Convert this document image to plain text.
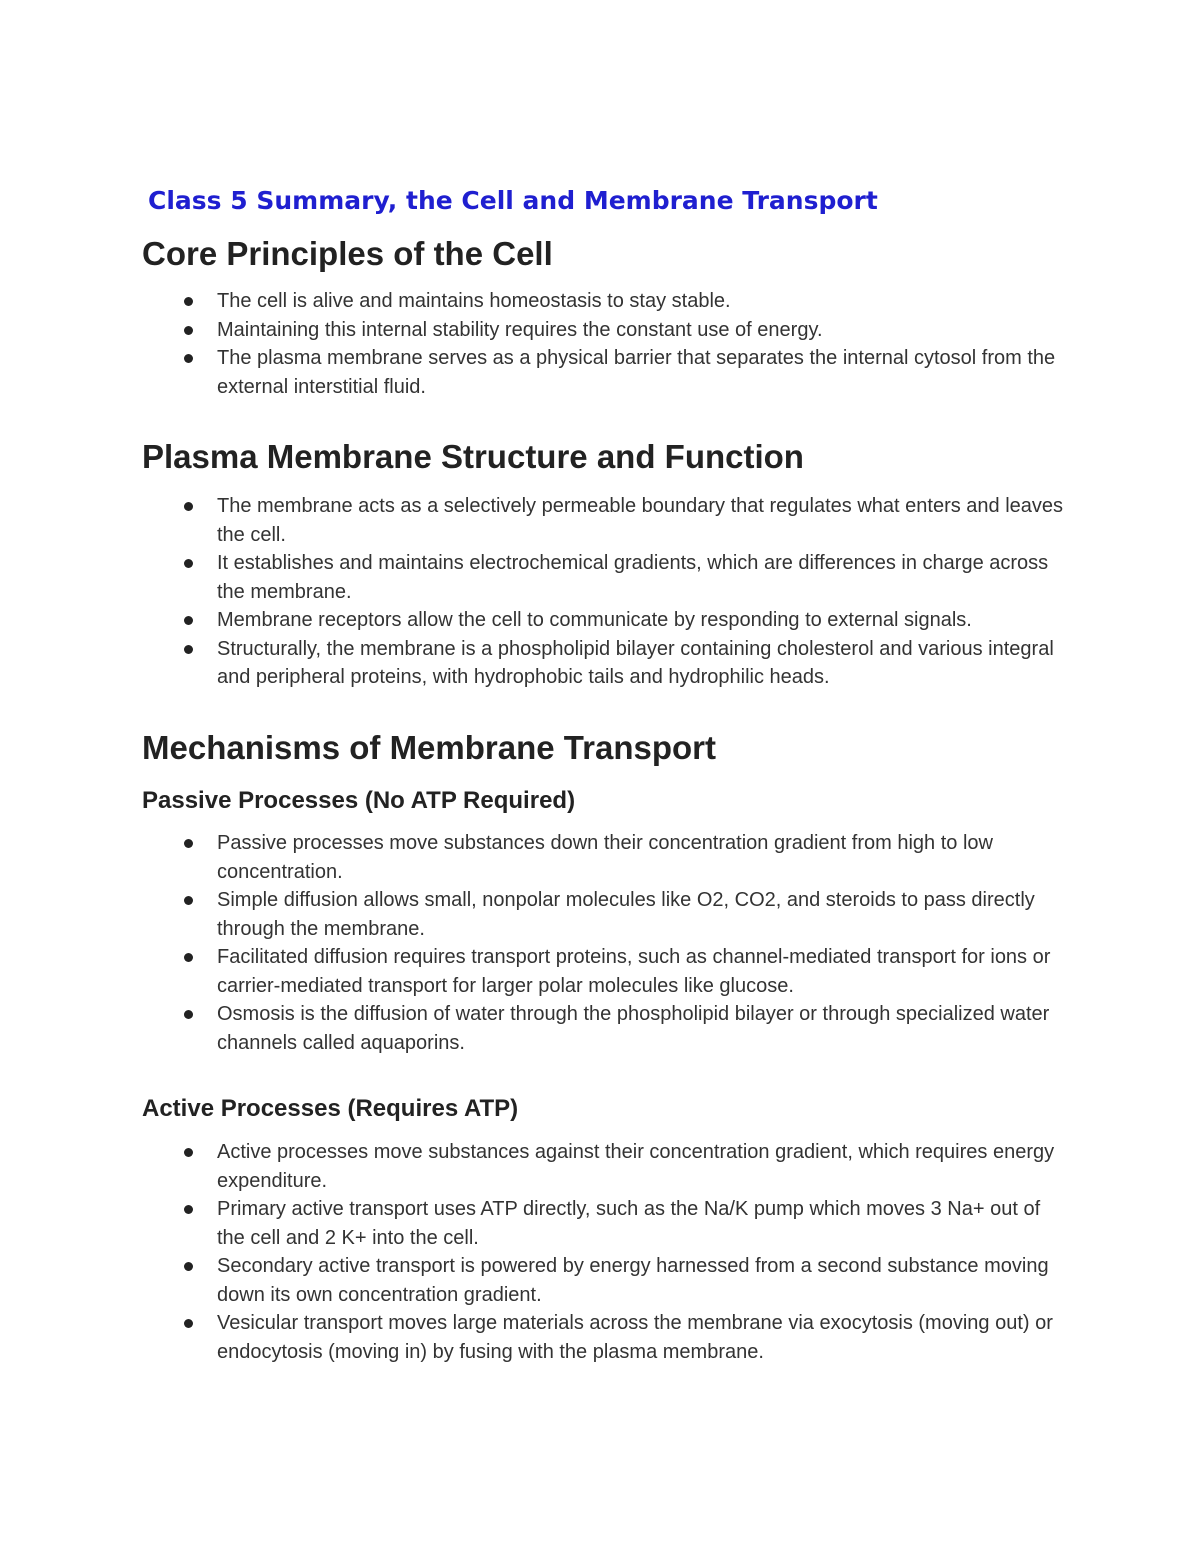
Class 5 Summary, the Cell and Membrane Transport
Core Principles of the Cell
The cell is alive and maintains homeostasis to stay stable.
Maintaining this internal stability requires the constant use of energy.
The plasma membrane serves as a physical barrier that separates the internal cytosol from the external interstitial fluid.
Plasma Membrane Structure and Function
The membrane acts as a selectively permeable boundary that regulates what enters and leaves the cell.
It establishes and maintains electrochemical gradients, which are differences in charge across the membrane.
Membrane receptors allow the cell to communicate by responding to external signals.
Structurally, the membrane is a phospholipid bilayer containing cholesterol and various integral and peripheral proteins, with hydrophobic tails and hydrophilic heads.
Mechanisms of Membrane Transport
Passive Processes (No ATP Required)
Passive processes move substances down their concentration gradient from high to low concentration.
Simple diffusion allows small, nonpolar molecules like O2, CO2, and steroids to pass directly through the membrane.
Facilitated diffusion requires transport proteins, such as channel-mediated transport for ions or carrier-mediated transport for larger polar molecules like glucose.
Osmosis is the diffusion of water through the phospholipid bilayer or through specialized water channels called aquaporins.
Active Processes (Requires ATP)
Active processes move substances against their concentration gradient, which requires energy expenditure.
Primary active transport uses ATP directly, such as the Na/K pump which moves 3 Na+ out of the cell and 2 K+ into the cell.
Secondary active transport is powered by energy harnessed from a second substance moving down its own concentration gradient.
Vesicular transport moves large materials across the membrane via exocytosis (moving out) or endocytosis (moving in) by fusing with the plasma membrane.
